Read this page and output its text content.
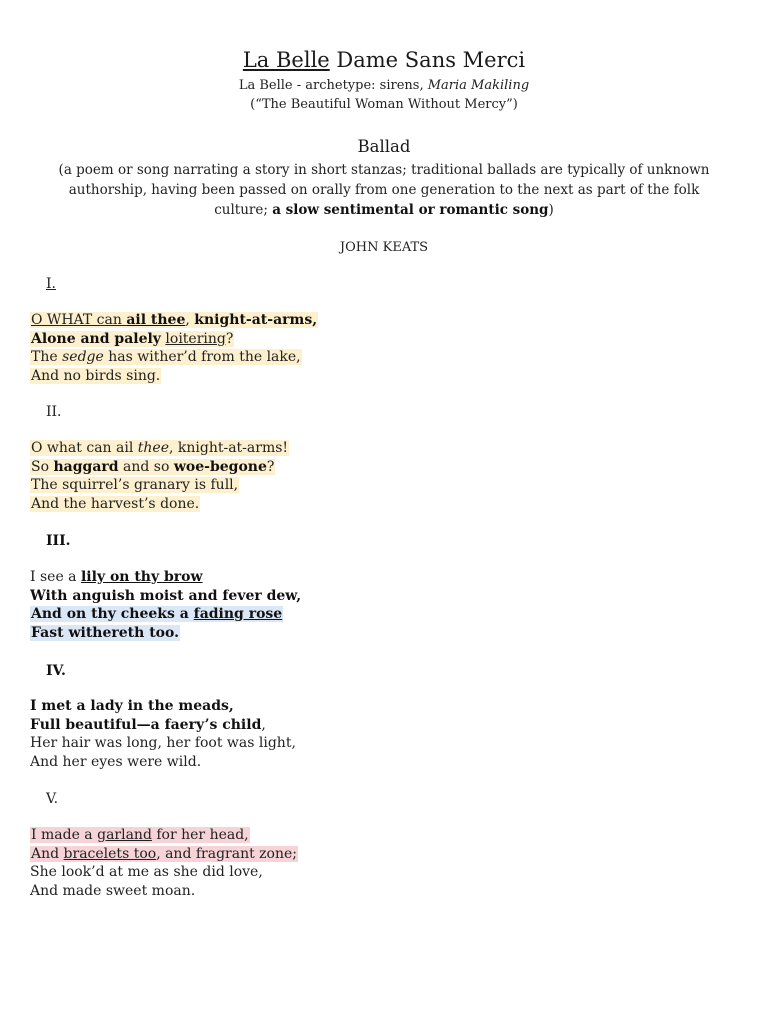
La Belle Dame Sans Merci
La Belle - archetype: sirens, Maria Makiling
(“The Beautiful Woman Without Mercy”)
Ballad
(a poem or song narrating a story in short stanzas; traditional ballads are typically of unknown authorship, having been passed on orally from one generation to the next as part of the folk culture; a slow sentimental or romantic song)
JOHN KEATS
I.
O WHAT can ail thee, knight-at-arms,
Alone and palely loitering?
The sedge has wither’d from the lake,
And no birds sing.
II.
O what can ail thee, knight-at-arms!
So haggard and so woe-begone?
The squirrel’s granary is full,
And the harvest’s done.
III.
I see a lily on thy brow
With anguish moist and fever dew,
And on thy cheeks a fading rose
Fast withereth too.
IV.
I met a lady in the meads,
Full beautiful—a faery’s child,
Her hair was long, her foot was light,
And her eyes were wild.
V.
I made a garland for her head,
And bracelets too, and fragrant zone;
She look’d at me as she did love,
And made sweet moan.
